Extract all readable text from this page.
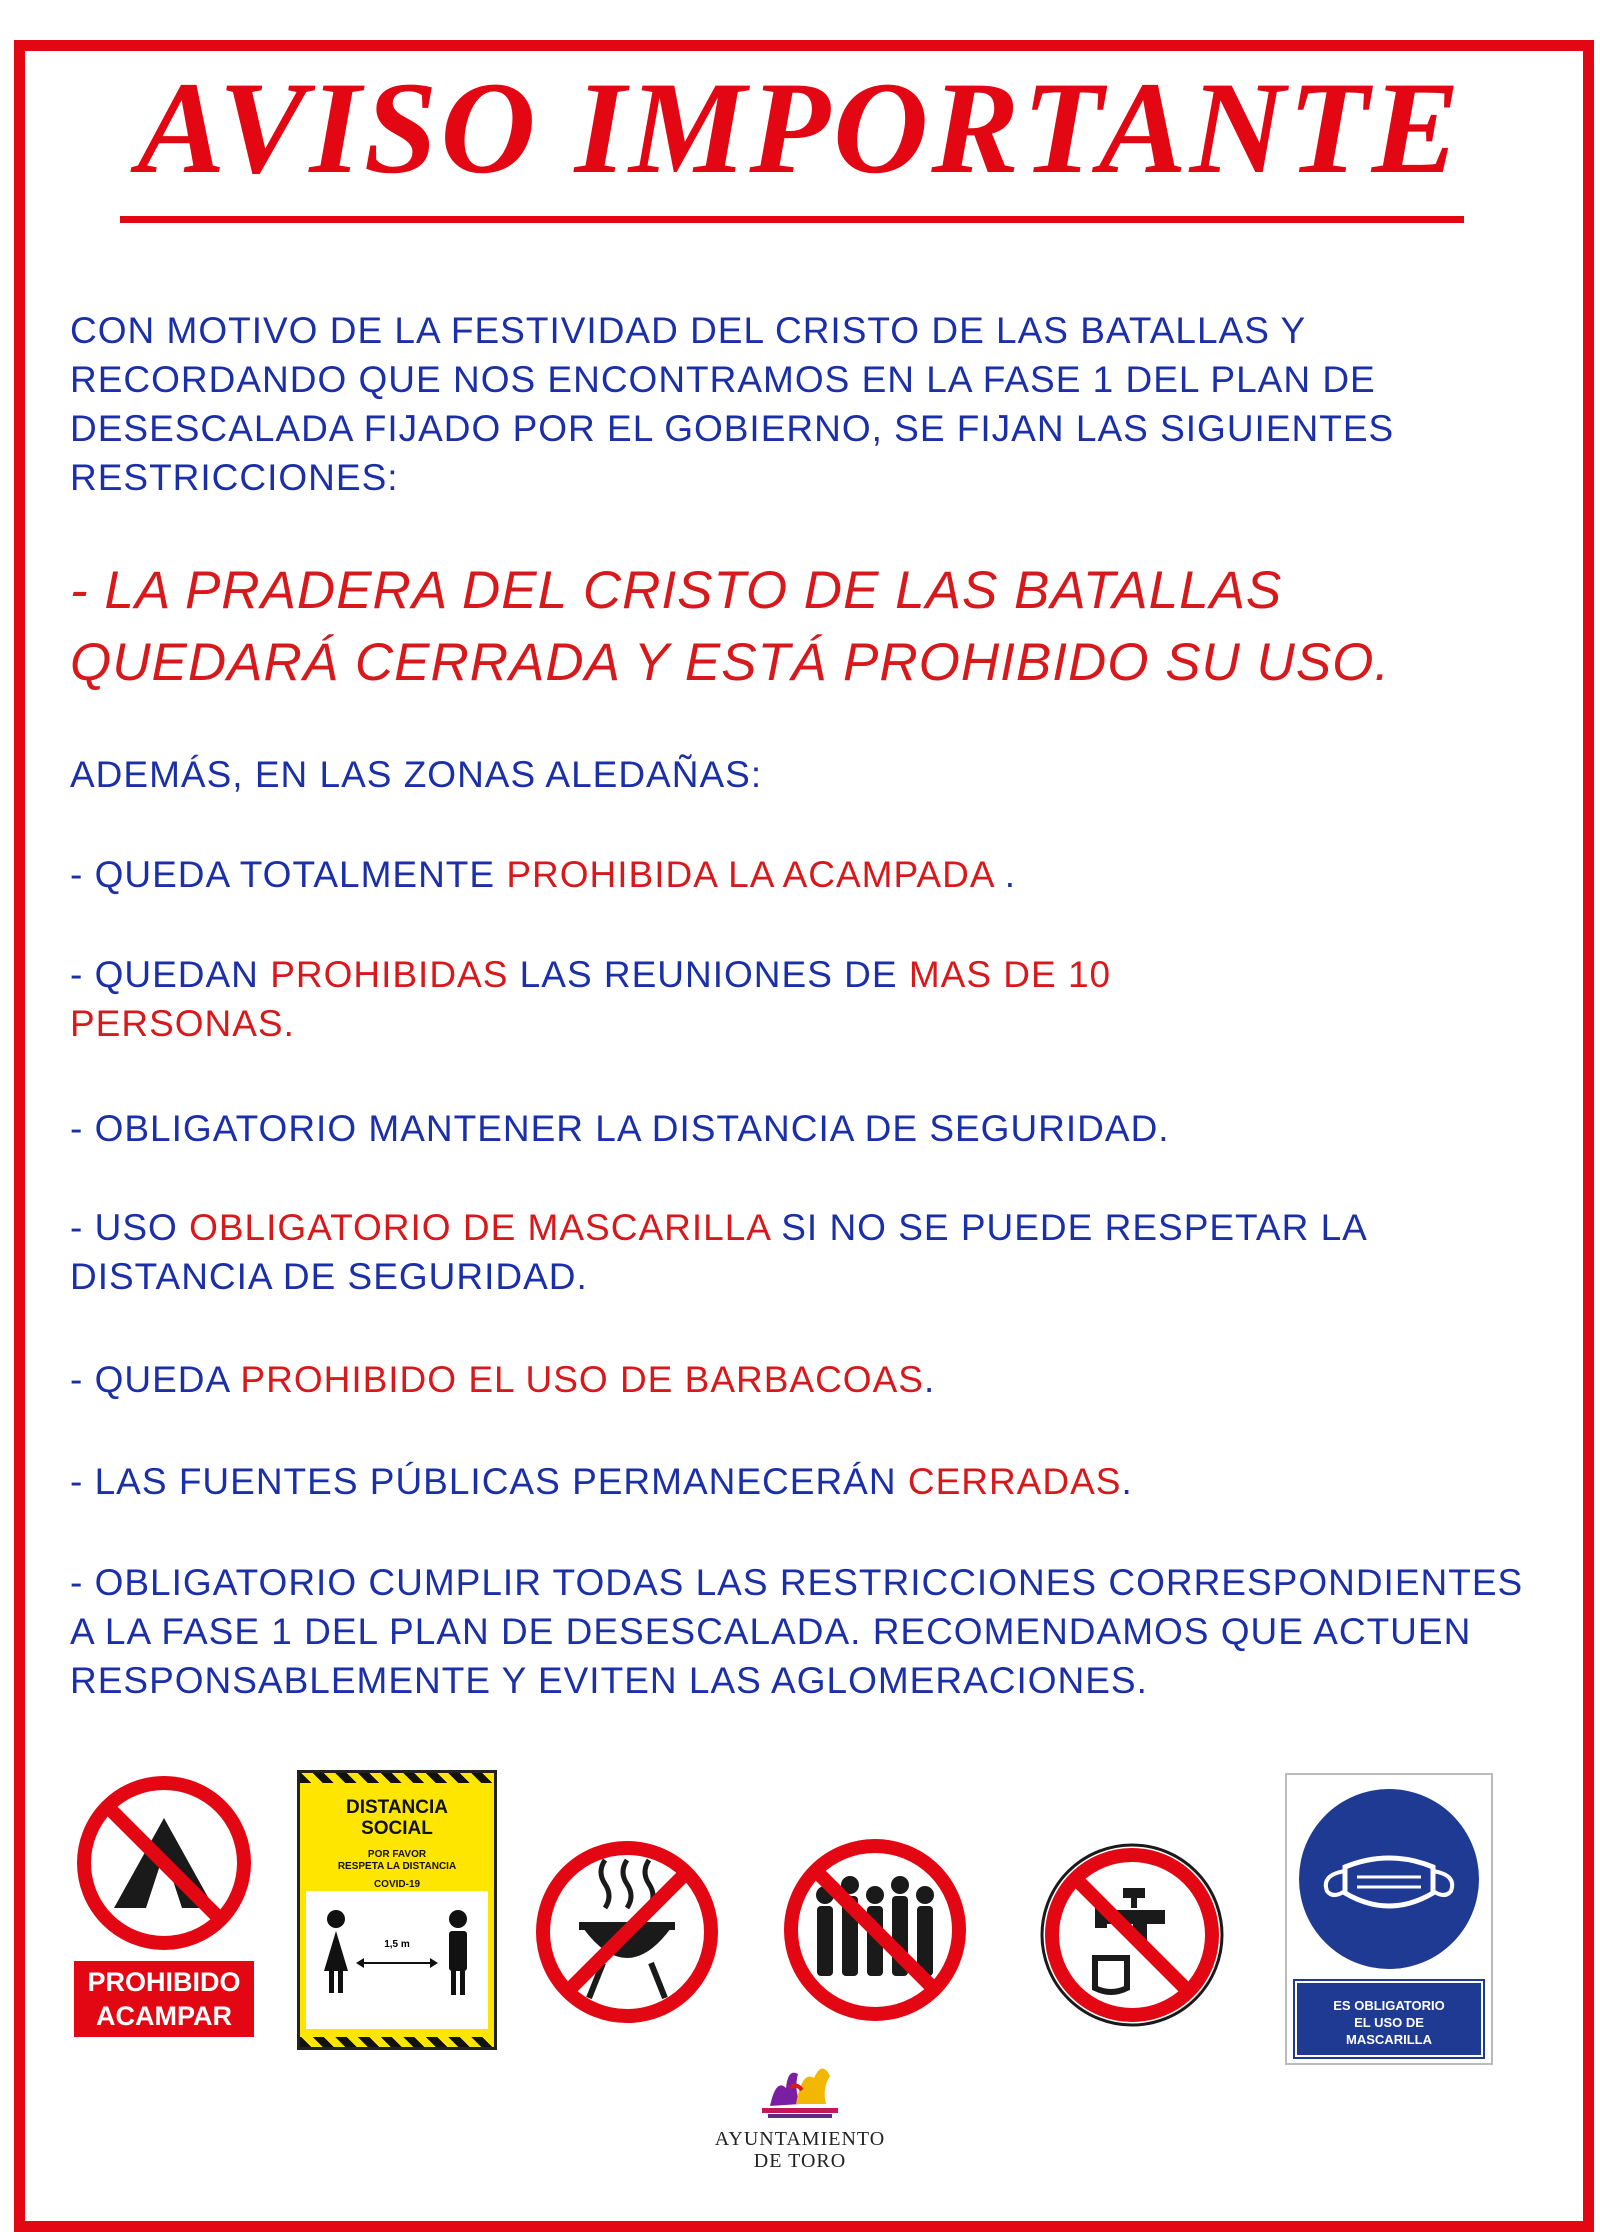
AVISO IMPORTANTE

CON MOTIVO DE LA FESTIVIDAD DEL CRISTO DE LAS BATALLAS Y RECORDANDO QUE NOS ENCONTRAMOS EN LA FASE 1 DEL PLAN DE DESESCALADA FIJADO POR EL GOBIERNO, SE FIJAN LAS SIGUIENTES RESTRICCIONES:

- LA PRADERA DEL CRISTO DE LAS BATALLAS QUEDARÁ CERRADA Y ESTÁ PROHIBIDO SU USO.

ADEMÁS, EN LAS ZONAS ALEDAÑAS:

- QUEDA TOTALMENTE PROHIBIDA LA ACAMPADA .

- QUEDAN PROHIBIDAS LAS REUNIONES DE MAS DE 10 PERSONAS.

- OBLIGATORIO MANTENER LA DISTANCIA DE SEGURIDAD.

- USO OBLIGATORIO DE MASCARILLA SI NO SE PUEDE RESPETAR LA DISTANCIA DE SEGURIDAD.

- QUEDA PROHIBIDO EL USO DE BARBACOAS.

- LAS FUENTES PÚBLICAS PERMANECERÁN CERRADAS.

- OBLIGATORIO CUMPLIR TODAS LAS RESTRICCIONES CORRESPONDIENTES A LA FASE 1 DEL PLAN DE DESESCALADA. RECOMENDAMOS QUE ACTUEN RESPONSABLEMENTE Y EVITEN LAS AGLOMERACIONES.

PROHIBIDO
ACAMPAR
DISTANCIA
SOCIAL
POR FAVOR
RESPETA LA DISTANCIA
COVID-19
1,5 m
ES OBLIGATORIO
EL USO DE
MASCARILLA
AYUNTAMIENTO
DE TORO
